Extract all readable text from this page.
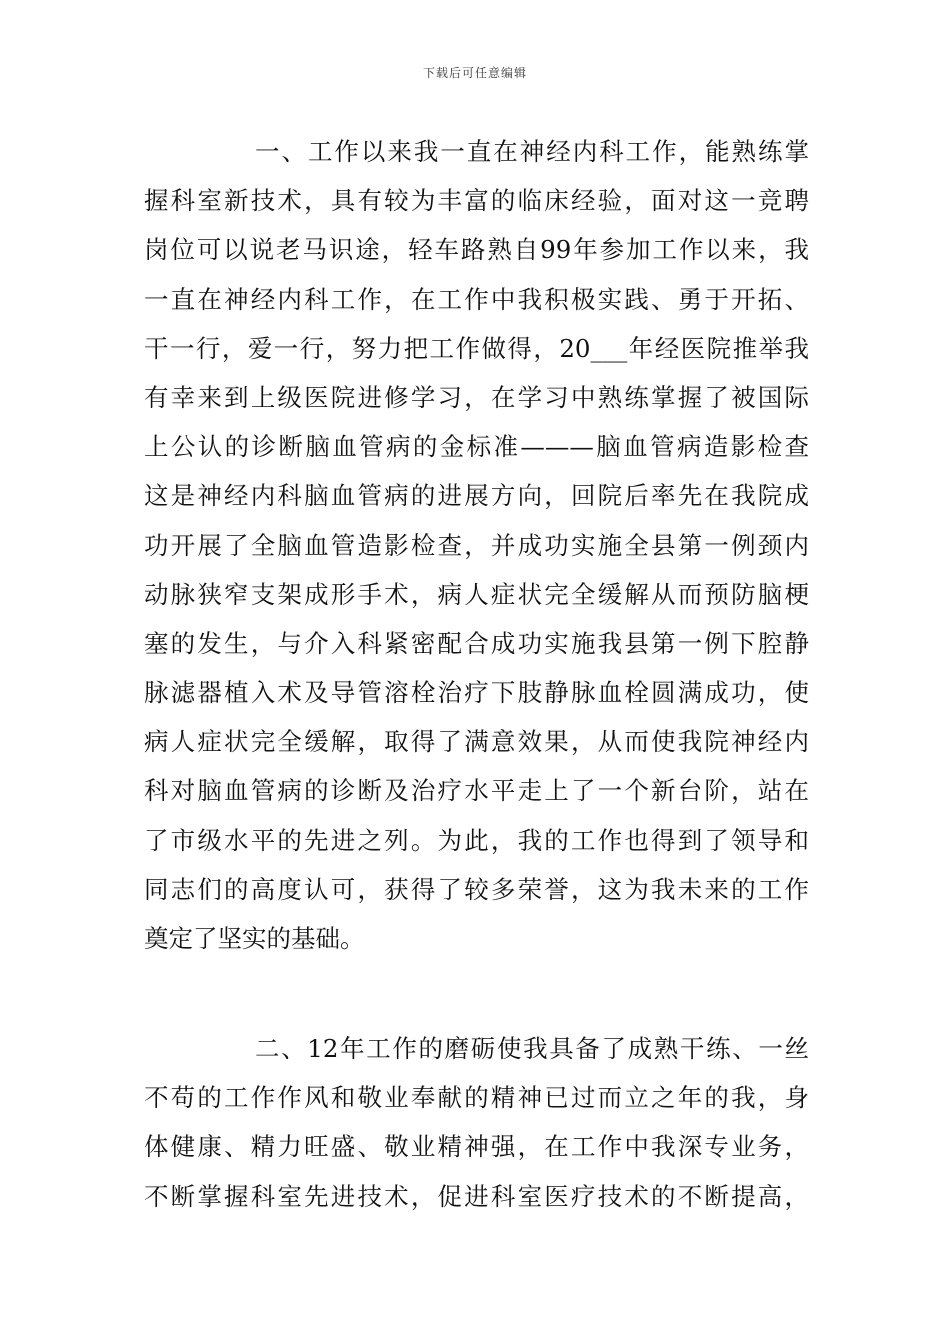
下载后可任意编辑
一、工作以来我一直在神经内科工作，能熟练掌
握科室新技术，具有较为丰富的临床经验，面对这一竞聘
岗位可以说老马识途，轻车路熟自99年参加工作以来，我
一直在神经内科工作，在工作中我积极实践、勇于开拓、
干一行，爱一行，努力把工作做得，20___年经医院推举我
有幸来到上级医院进修学习，在学习中熟练掌握了被国际
上公认的诊断脑血管病的金标准———脑血管病造影检查
这是神经内科脑血管病的进展方向，回院后率先在我院成
功开展了全脑血管造影检查，并成功实施全县第一例颈内
动脉狭窄支架成形手术，病人症状完全缓解从而预防脑梗
塞的发生，与介入科紧密配合成功实施我县第一例下腔静
脉滤器植入术及导管溶栓治疗下肢静脉血栓圆满成功，使
病人症状完全缓解，取得了满意效果，从而使我院神经内
科对脑血管病的诊断及治疗水平走上了一个新台阶，站在
了市级水平的先进之列。为此，我的工作也得到了领导和
同志们的高度认可，获得了较多荣誉，这为我未来的工作
奠定了坚实的基础。
二、12年工作的磨砺使我具备了成熟干练、一丝
不苟的工作作风和敬业奉献的精神已过而立之年的我，身
体健康、精力旺盛、敬业精神强，在工作中我深专业务，
不断掌握科室先进技术，促进科室医疗技术的不断提高，
